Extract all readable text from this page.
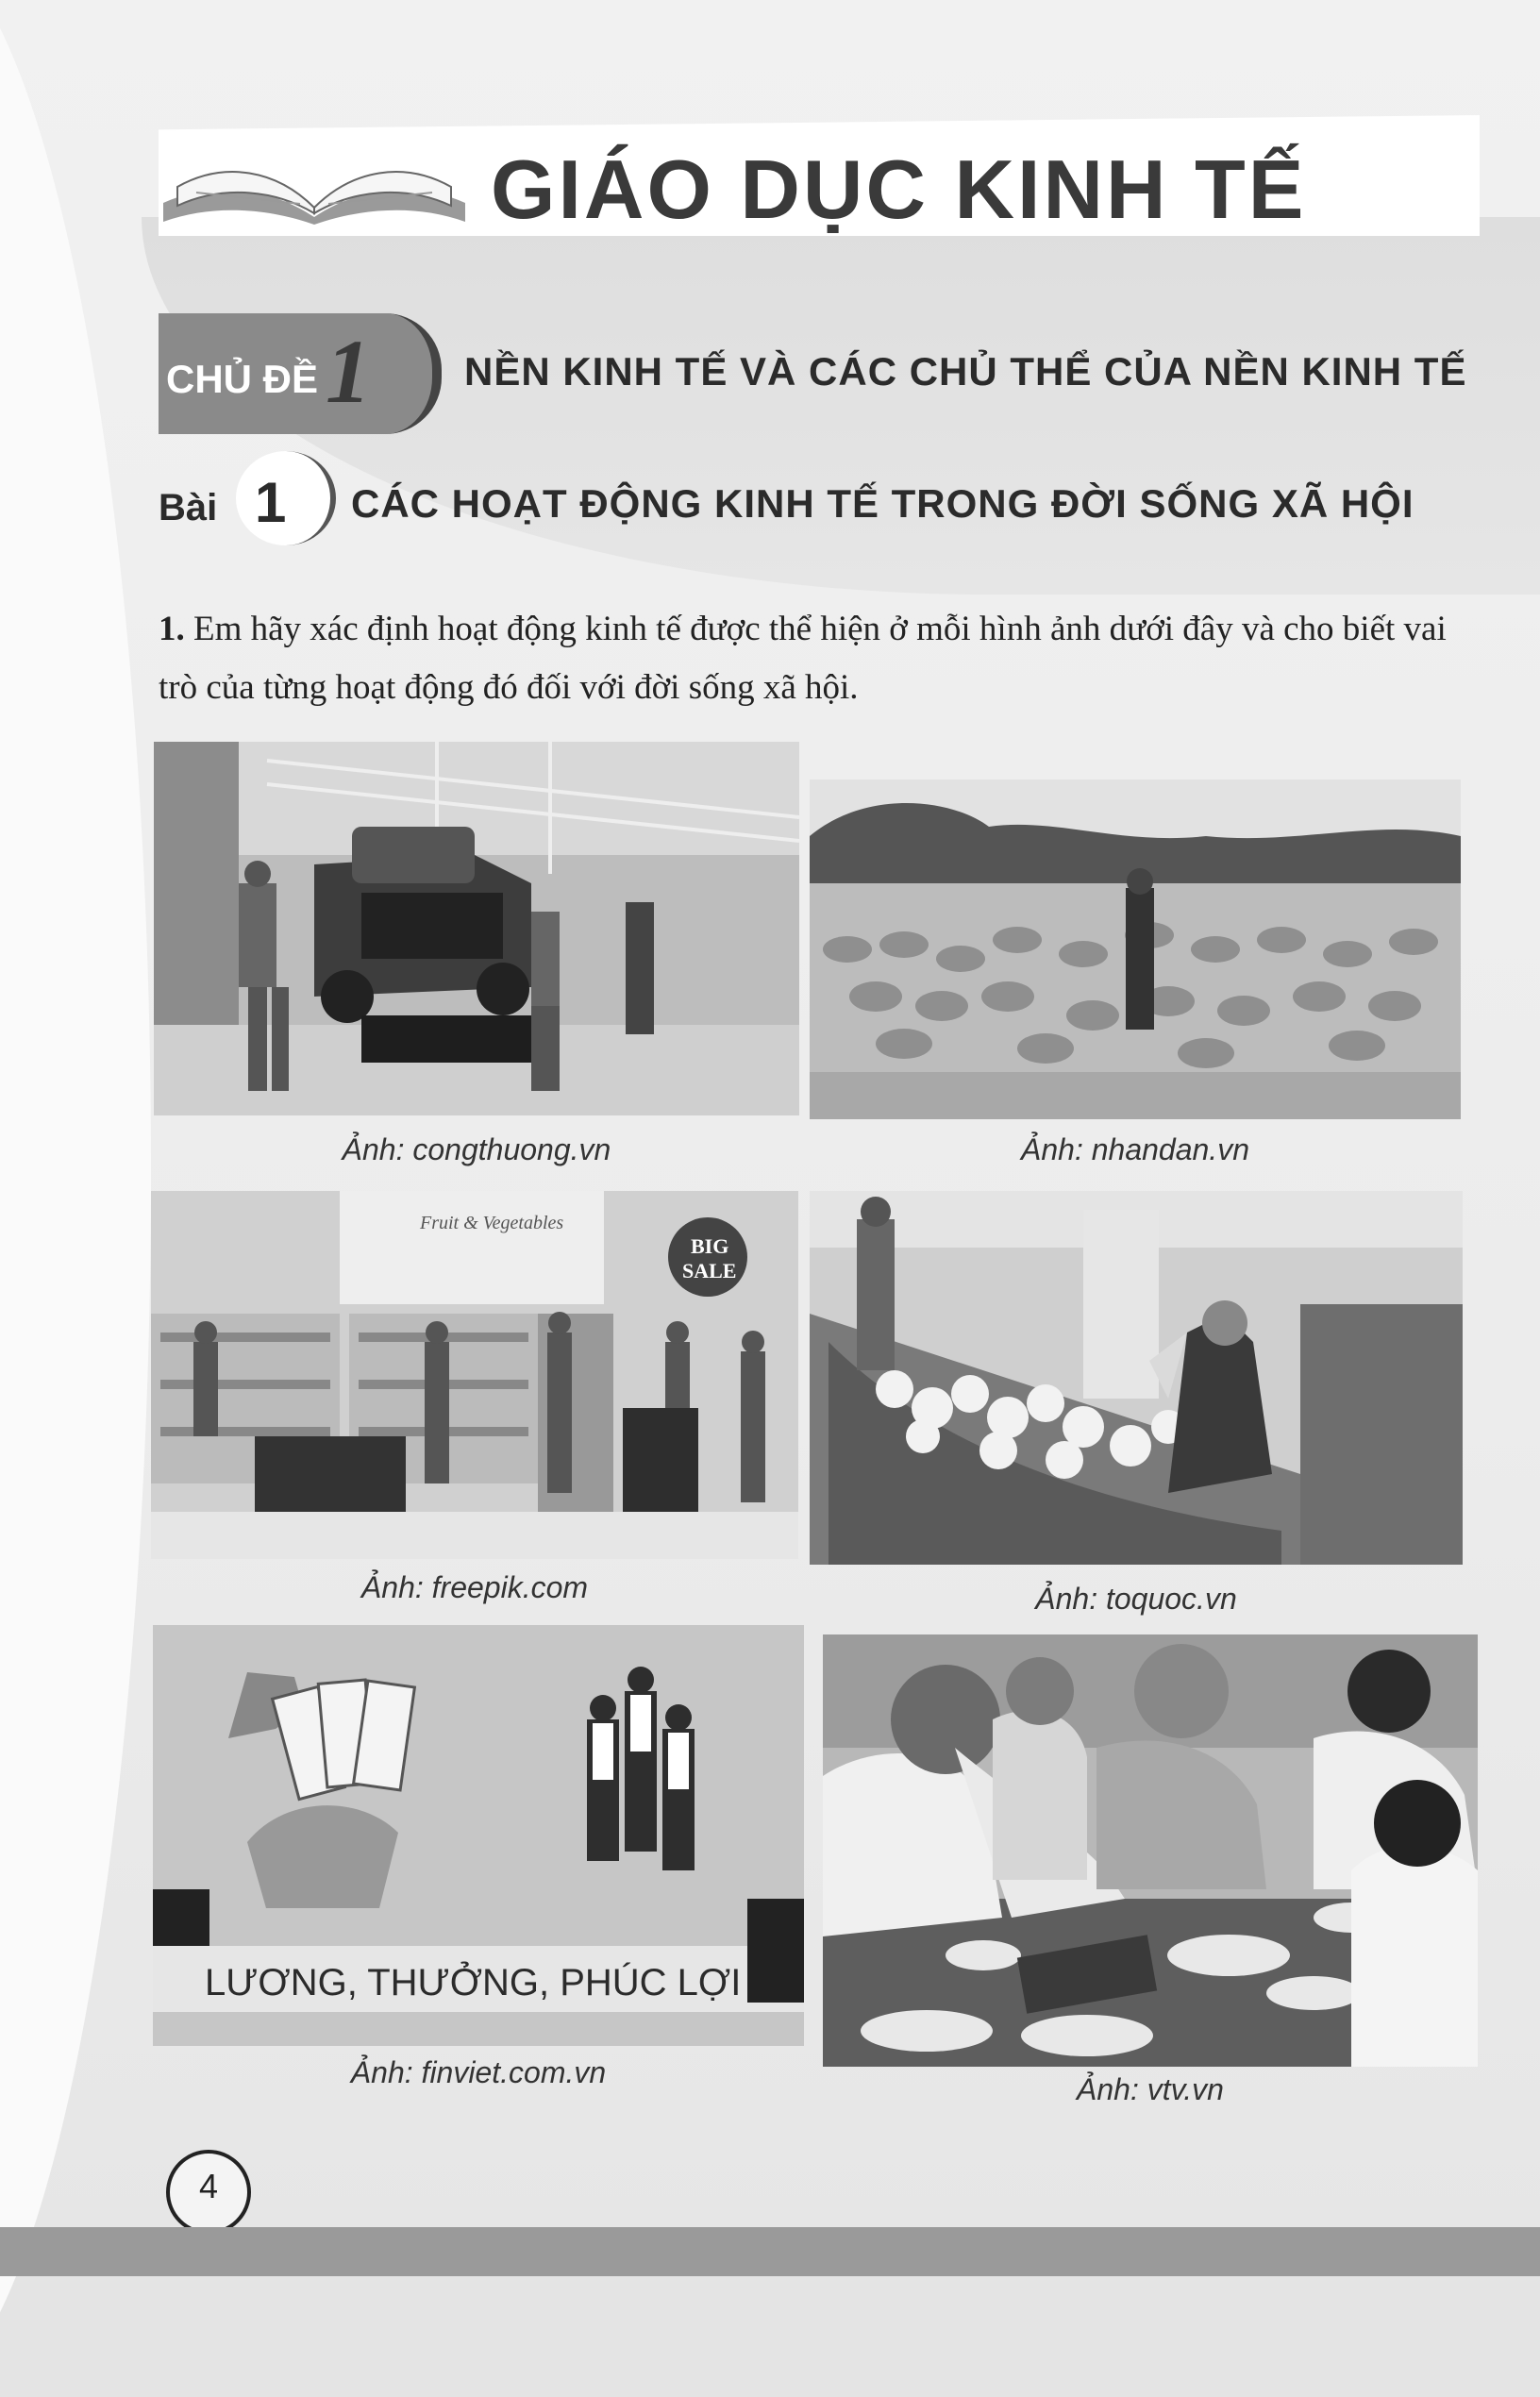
GIÁO DỤC KINH TẾ
CHỦ ĐỀ 1 NỀN KINH TẾ VÀ CÁC CHỦ THỂ CỦA NỀN KINH TẾ
Bài 1 CÁC HOẠT ĐỘNG KINH TẾ TRONG ĐỜI SỐNG XÃ HỘI
1. Em hãy xác định hoạt động kinh tế được thể hiện ở mỗi hình ảnh dưới đây và cho biết vai trò của từng hoạt động đó đối với đời sống xã hội.
Ảnh: congthuong.vn	Ảnh: nhandan.vn
Fruit & Vegetables
BIG
SALE
Ảnh: freepik.com	Ảnh: toquoc.vn
LƯƠNG, THƯỞNG, PHÚC LỢI
Ảnh: finviet.com.vn	Ảnh: vtv.vn
4
